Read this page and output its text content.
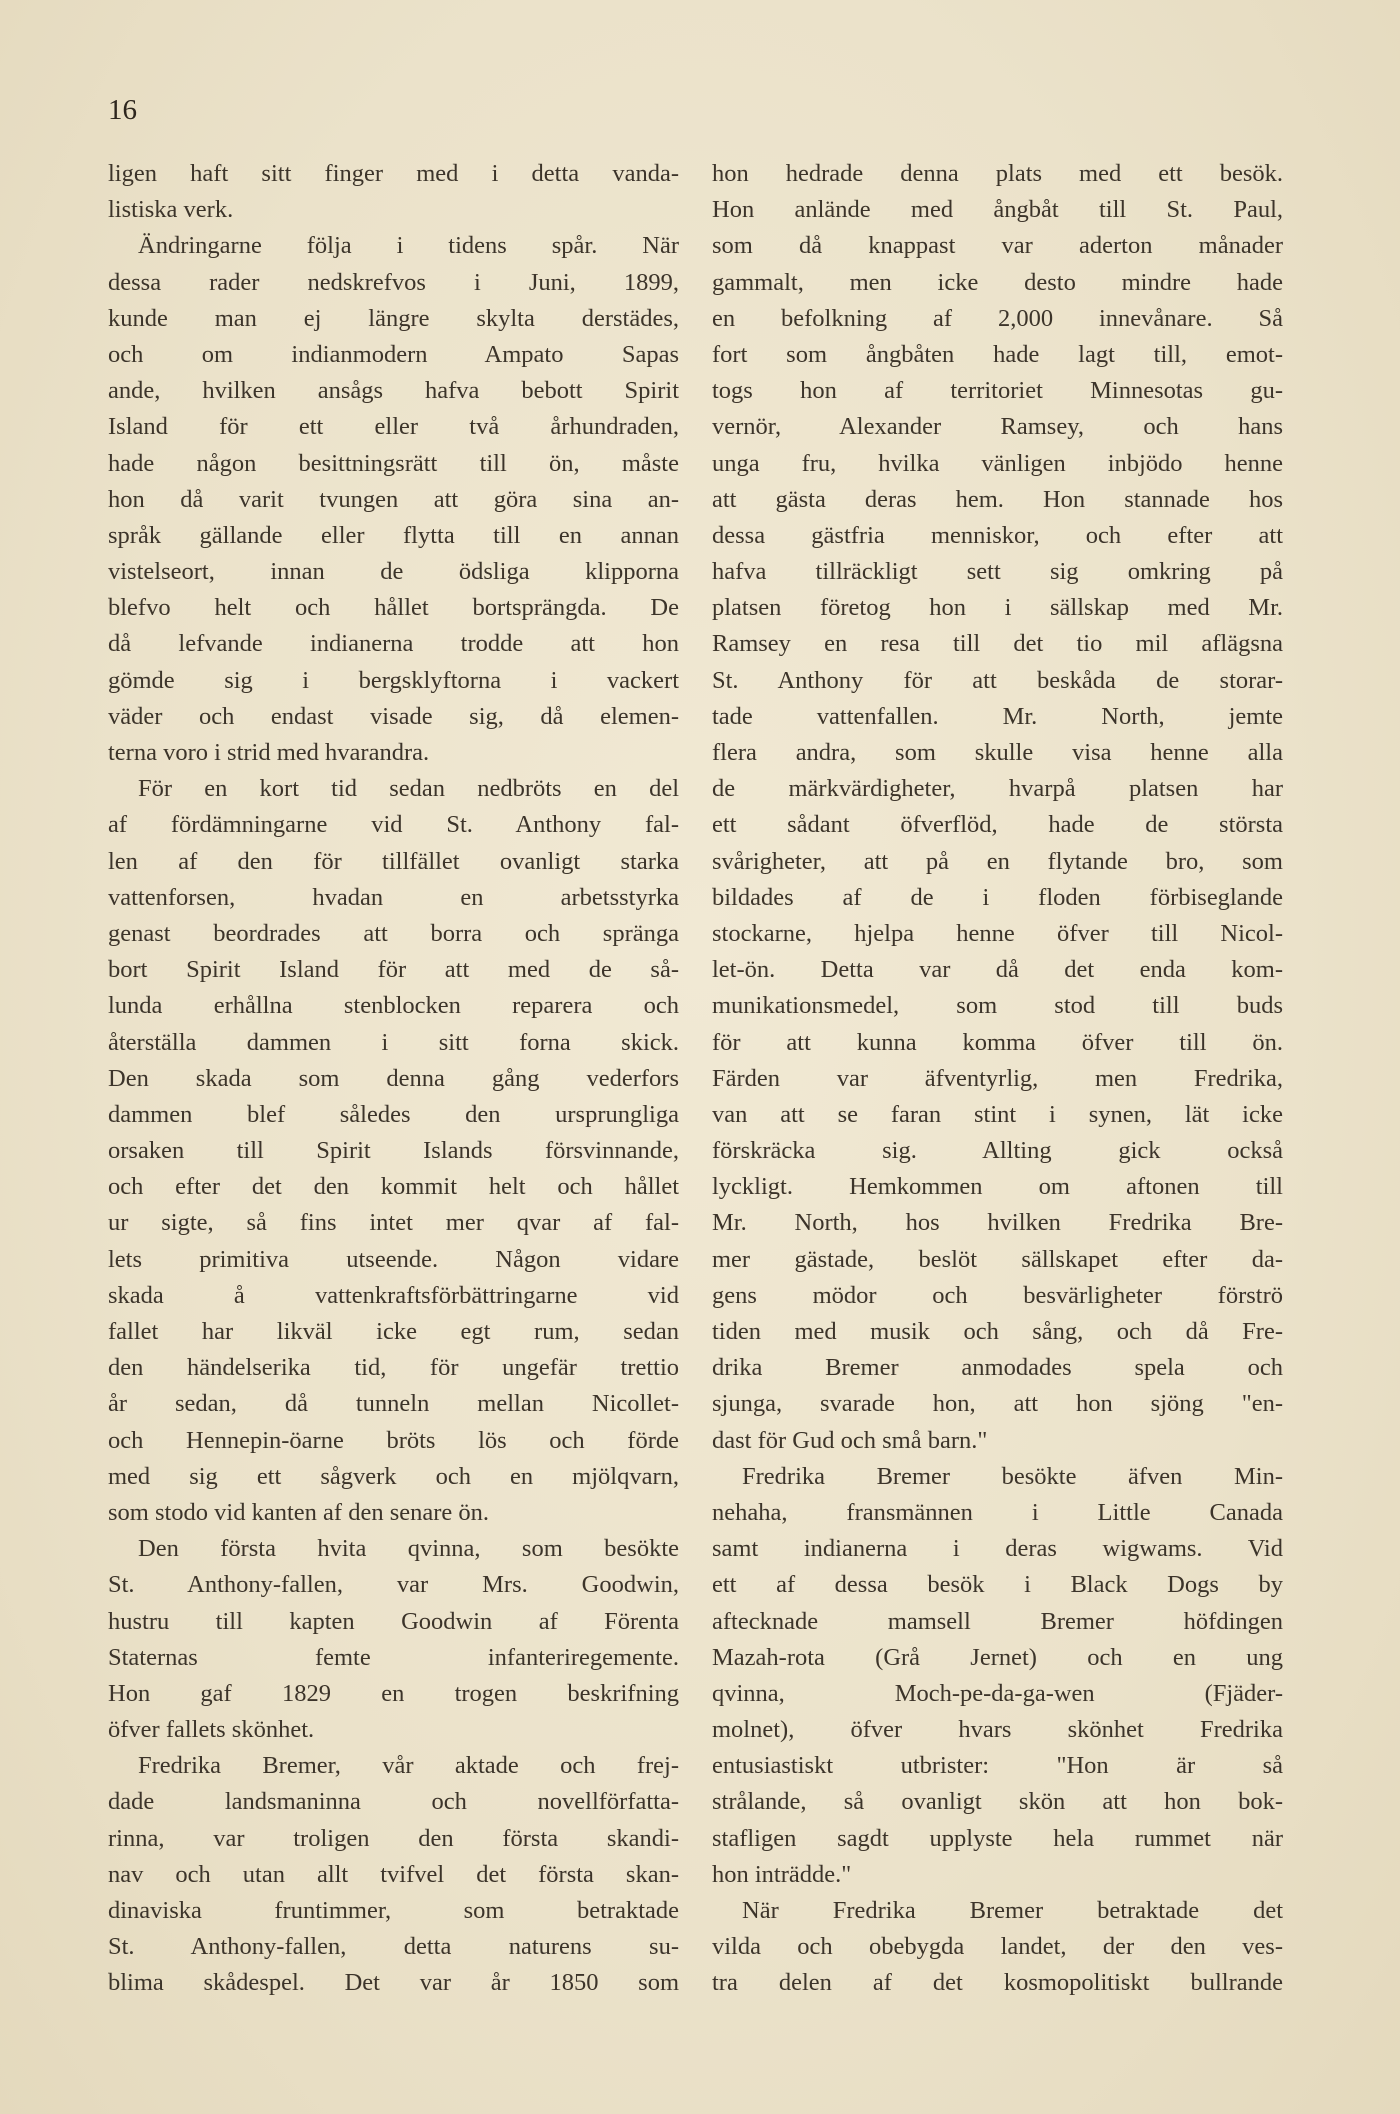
16
ligen haft sitt finger med i detta vanda-
listiska verk.
Ändringarne följa i tidens spår. När
dessa rader nedskrefvos i Juni, 1899,
kunde man ej längre skylta derstädes,
och om indianmodern Ampato Sapas
ande, hvilken ansågs hafva bebott Spirit
Island för ett eller två århundraden,
hade någon besittningsrätt till ön, måste
hon då varit tvungen att göra sina an-
språk gällande eller flytta till en annan
vistelseort, innan de ödsliga klipporna
blefvo helt och hållet bortsprängda. De
då lefvande indianerna trodde att hon
gömde sig i bergsklyftorna i vackert
väder och endast visade sig, då elemen-
terna voro i strid med hvarandra.
För en kort tid sedan nedbröts en del
af fördämningarne vid St. Anthony fal-
len af den för tillfället ovanligt starka
vattenforsen, hvadan en arbetsstyrka
genast beordrades att borra och spränga
bort Spirit Island för att med de så-
lunda erhållna stenblocken reparera och
återställa dammen i sitt forna skick.
Den skada som denna gång vederfors
dammen blef således den ursprungliga
orsaken till Spirit Islands försvinnande,
och efter det den kommit helt och hållet
ur sigte, så fins intet mer qvar af fal-
lets primitiva utseende. Någon vidare
skada å vattenkraftsförbättringarne vid
fallet har likväl icke egt rum, sedan
den händelserika tid, för ungefär trettio
år sedan, då tunneln mellan Nicollet-
och Hennepin-öarne bröts lös och förde
med sig ett sågverk och en mjölqvarn,
som stodo vid kanten af den senare ön.
Den första hvita qvinna, som besökte
St. Anthony-fallen, var Mrs. Goodwin,
hustru till kapten Goodwin af Förenta
Staternas femte infanteriregemente.
Hon gaf 1829 en trogen beskrifning
öfver fallets skönhet.
Fredrika Bremer, vår aktade och frej-
dade landsmaninna och novellförfatta-
rinna, var troligen den första skandi-
nav och utan allt tvifvel det första skan-
dinaviska fruntimmer, som betraktade
St. Anthony-fallen, detta naturens su-
blima skådespel. Det var år 1850 som
hon hedrade denna plats med ett besök.
Hon anlände med ångbåt till St. Paul,
som då knappast var aderton månader
gammalt, men icke desto mindre hade
en befolkning af 2,000 innevånare. Så
fort som ångbåten hade lagt till, emot-
togs hon af territoriet Minnesotas gu-
vernör, Alexander Ramsey, och hans
unga fru, hvilka vänligen inbjödo henne
att gästa deras hem. Hon stannade hos
dessa gästfria menniskor, och efter att
hafva tillräckligt sett sig omkring på
platsen företog hon i sällskap med Mr.
Ramsey en resa till det tio mil aflägsna
St. Anthony för att beskåda de storar-
tade vattenfallen. Mr. North, jemte
flera andra, som skulle visa henne alla
de märkvärdigheter, hvarpå platsen har
ett sådant öfverflöd, hade de största
svårigheter, att på en flytande bro, som
bildades af de i floden förbiseglande
stockarne, hjelpa henne öfver till Nicol-
let-ön. Detta var då det enda kom-
munikationsmedel, som stod till buds
för att kunna komma öfver till ön.
Färden var äfventyrlig, men Fredrika,
van att se faran stint i synen, lät icke
förskräcka sig. Allting gick också
lyckligt. Hemkommen om aftonen till
Mr. North, hos hvilken Fredrika Bre-
mer gästade, beslöt sällskapet efter da-
gens mödor och besvärligheter förströ
tiden med musik och sång, och då Fre-
drika Bremer anmodades spela och
sjunga, svarade hon, att hon sjöng "en-
dast för Gud och små barn."
Fredrika Bremer besökte äfven Min-
nehaha, fransmännen i Little Canada
samt indianerna i deras wigwams. Vid
ett af dessa besök i Black Dogs by
aftecknade mamsell Bremer höfdingen
Mazah-rota (Grå Jernet) och en ung
qvinna, Moch-pe-da-ga-wen (Fjäder-
molnet), öfver hvars skönhet Fredrika
entusiastiskt utbrister: "Hon är så
strålande, så ovanligt skön att hon bok-
stafligen sagdt upplyste hela rummet när
hon inträdde."
När Fredrika Bremer betraktade det
vilda och obebygda landet, der den ves-
tra delen af det kosmopolitiskt bullrande
